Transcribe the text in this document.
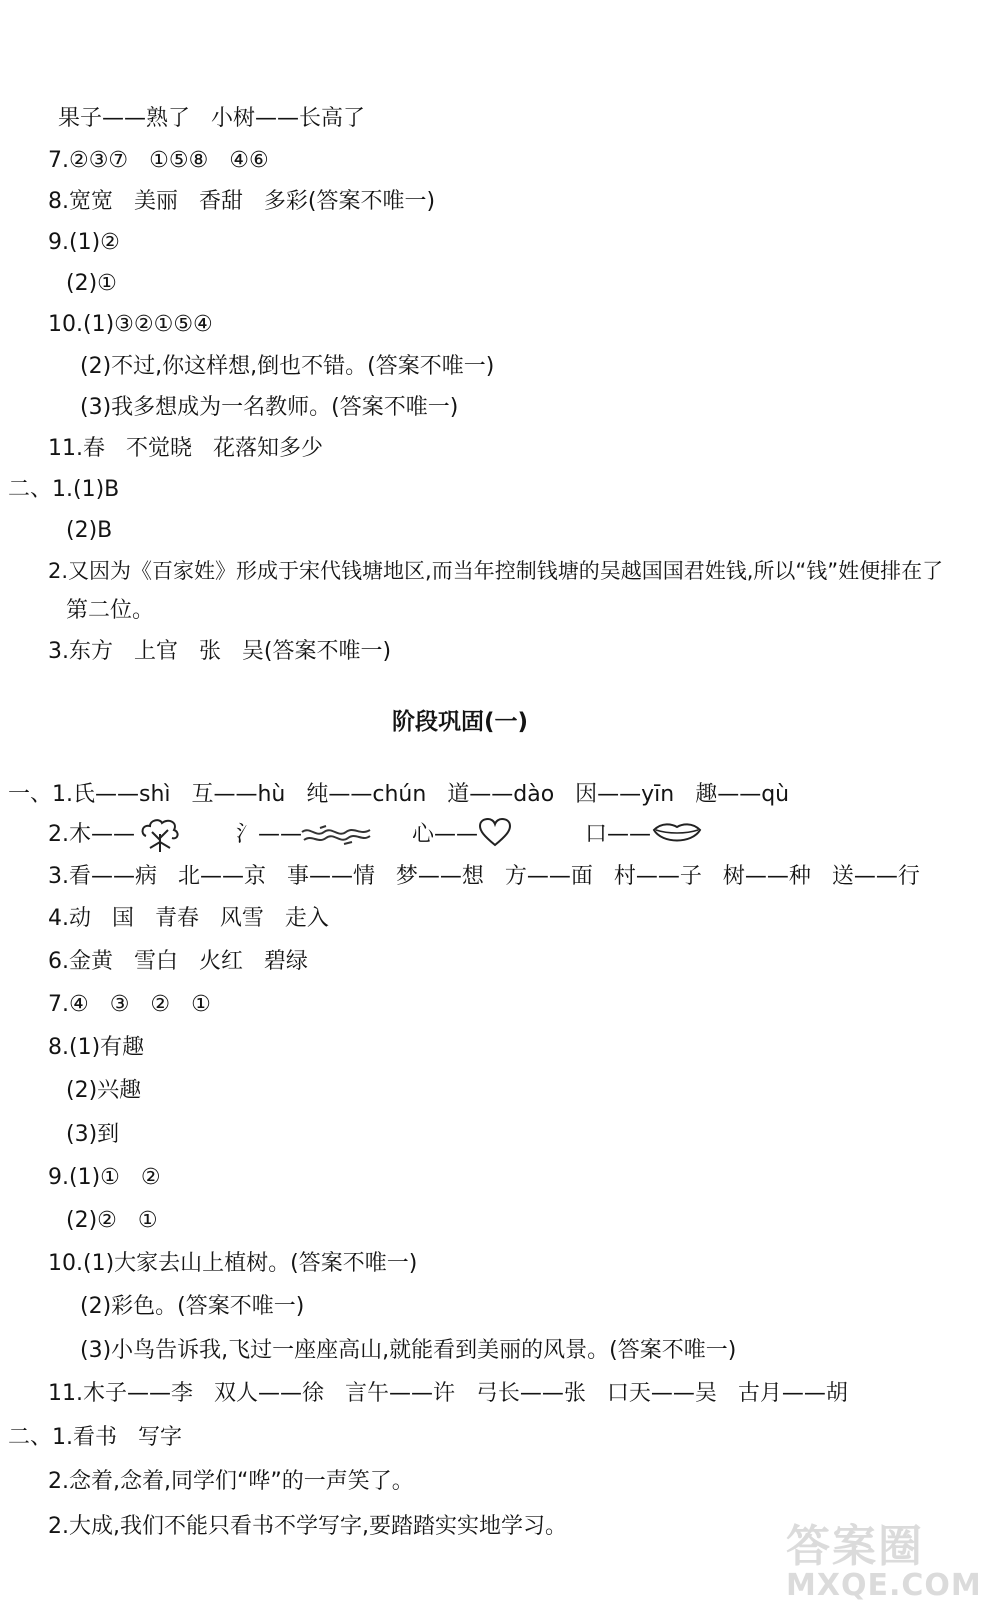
果子——熟了   小树——长高了
7.②③⑦   ①⑤⑧   ④⑥
8.宽宽   美丽   香甜   多彩(答案不唯一)
9.(1)②
(2)①
10.(1)③②①⑤④
(2)不过,你这样想,倒也不错。(答案不唯一)
(3)我多想成为一名教师。(答案不唯一)
11.春   不觉晓   花落知多少
二、1.(1)B
(2)B
2.又因为《百家姓》形成于宋代钱塘地区,而当年控制钱塘的吴越国国君姓钱,所以“钱”姓便排在了
第二位。
3.东方   上官   张   吴(答案不唯一)
阶段巩固(一)
一、1.氏——shì   互——hù   纯——chún   道——dào   因——yīn   趣——qù
2.木——	氵——	心——	口——
3.看——病   北——京   事——情   梦——想   方——面   村——子   树——种   送——行
4.动   国   青春   风雪   走入
6.金黄   雪白   火红   碧绿
7.④   ③   ②   ①
8.(1)有趣
(2)兴趣
(3)到
9.(1)①   ②
(2)②   ①
10.(1)大家去山上植树。(答案不唯一)
(2)彩色。(答案不唯一)
(3)小鸟告诉我,飞过一座座高山,就能看到美丽的风景。(答案不唯一)
11.木子——李   双人——徐   言午——许   弓长——张   口天——吴   古月——胡
二、1.看书   写字
2.念着,念着,同学们“哗”的一声笑了。
2.大成,我们不能只看书不学写字,要踏踏实实地学习。	答案圈
MXQE.COM
